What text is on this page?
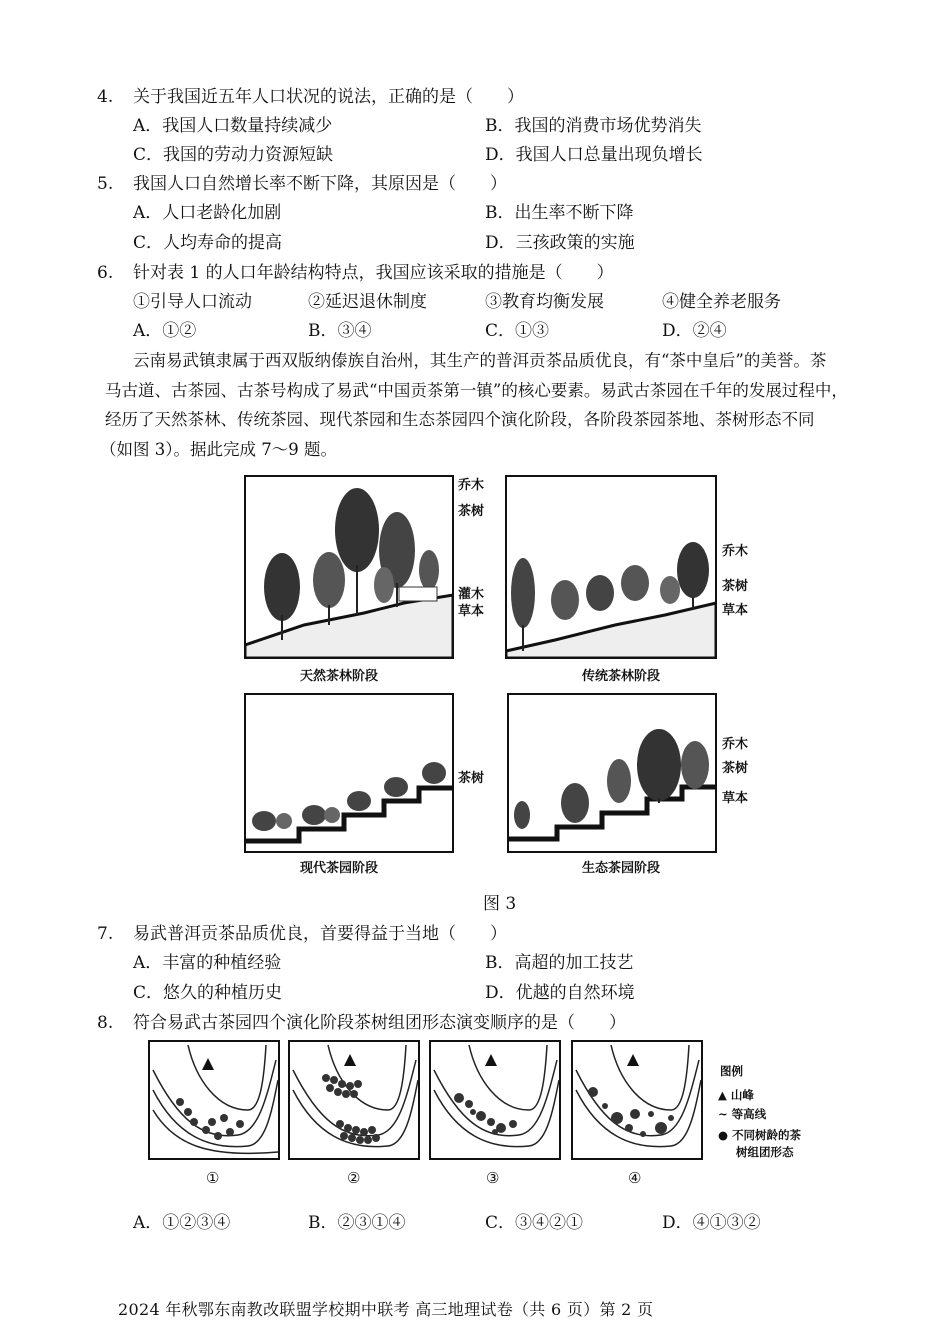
4. 关于我国近五年人口状况的说法，正确的是（　　）
A．我国人口数量持续减少	B．我国的消费市场优势消失
C．我国的劳动力资源短缺	D．我国人口总量出现负增长
5. 我国人口自然增长率不断下降，其原因是（　　）
A．人口老龄化加剧	B．出生率不断下降
C．人均寿命的提高	D．三孩政策的实施
6. 针对表 1 的人口年龄结构特点，我国应该采取的措施是（　　）
①引导人口流动	②延迟退休制度	③教育均衡发展	④健全养老服务
A．①②	B．③④	C．①③	D．②④
云南易武镇隶属于西双版纳傣族自治州，其生产的普洱贡茶品质优良，有“茶中皇后”的美誉。茶
马古道、古茶园、古茶号构成了易武“中国贡茶第一镇”的核心要素。易武古茶园在千年的发展过程中，
经历了天然茶林、传统茶园、现代茶园和生态茶园四个演化阶段，各阶段茶园茶地、茶树形态不同
（如图 3）。据此完成 7～9 题。
乔木
茶树
灌木
草本
天然茶林阶段
乔木
茶树
草本
传统茶林阶段
茶树
现代茶园阶段
乔木
茶树
草本
生态茶园阶段
图 3
7. 易武普洱贡茶品质优良，首要得益于当地（　　）
A．丰富的种植经验	B．高超的加工技艺
C．悠久的种植历史	D．优越的自然环境
8. 符合易武古茶园四个演化阶段茶树组团形态演变顺序的是（　　）
图例
▲ 山峰
∼ 等高线
● 不同树龄的茶
树组团形态
①	②	③	④
A．①②③④	B．②③①④	C．③④②①	D．④①③②
2024 年秋鄂东南教改联盟学校期中联考 高三地理试卷（共 6 页）第 2 页
